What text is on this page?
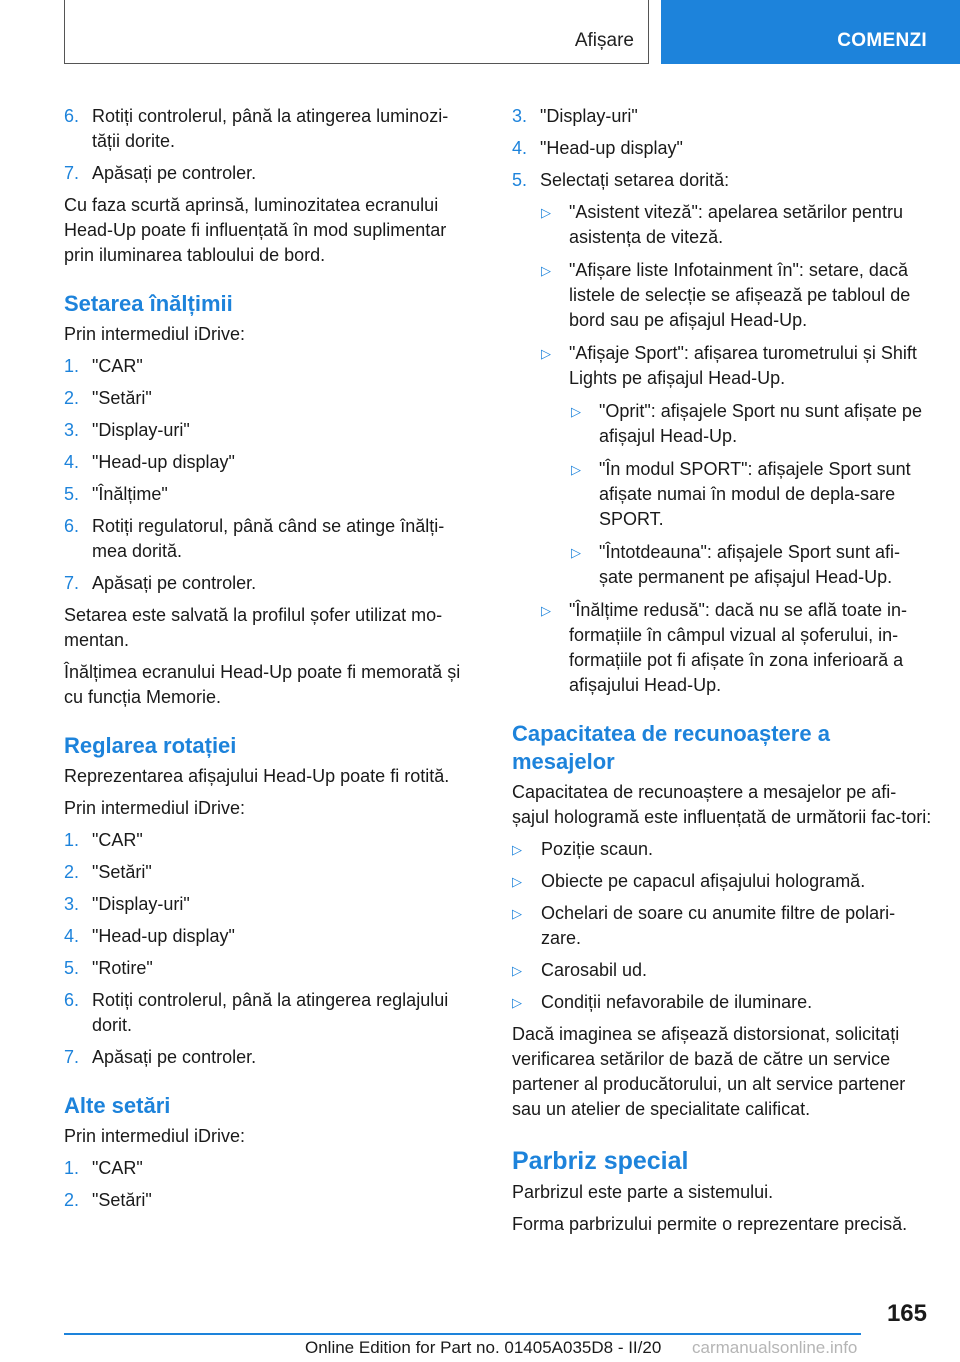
Afișare	COMENZI
6. Rotiți controlerul, până la atingerea luminozi-tății dorite.
7. Apăsați pe controler.

Cu faza scurtă aprinsă, luminozitatea ecranului Head-Up poate fi influențată în mod suplimentar prin iluminarea tabloului de bord.

Setarea înălțimii

Prin intermediul iDrive:

1. "CAR"
2. "Setări"
3. "Display-uri"
4. "Head-up display"
5. "Înălțime"
6. Rotiți regulatorul, până când se atinge înălți-mea dorită.
7. Apăsați pe controler.

Setarea este salvată la profilul șofer utilizat mo-mentan.

Înălțimea ecranului Head-Up poate fi memorată și cu funcția Memorie.

Reglarea rotației

Reprezentarea afișajului Head-Up poate fi rotită.

Prin intermediul iDrive:

1. "CAR"
2. "Setări"
3. "Display-uri"
4. "Head-up display"
5. "Rotire"
6. Rotiți controlerul, până la atingerea reglajului dorit.
7. Apăsați pe controler.
Alte setări

Prin intermediul iDrive:

1. "CAR"
2. "Setări"
3. "Display-uri"
4. "Head-up display"
5. Selectați setarea dorită:
▷ "Asistent viteză": apelarea setărilor pentru asistența de viteză.
▷ "Afișare liste Infotainment în": setare, dacă listele de selecție se afișează pe tabloul de bord sau pe afișajul Head-Up.
▷ "Afișaje Sport": afișarea turometrului și Shift Lights pe afișajul Head-Up.
▷ "Oprit": afișajele Sport nu sunt afișate pe afișajul Head-Up.
▷ "În modul SPORT": afișajele Sport sunt afișate numai în modul de depla-sare SPORT.
▷ "Întotdeauna": afișajele Sport sunt afi-șate permanent pe afișajul Head-Up.
▷ "Înălțime redusă": dacă nu se află toate in-formațiile în câmpul vizual al șoferului, in-formațiile pot fi afișate în zona inferioară a afișajului Head-Up.
Capacitatea de recunoaștere a mesajelor

Capacitatea de recunoaștere a mesajelor pe afi-șajul hologramă este influențată de următorii fac-tori:

▷ Poziție scaun.
▷ Obiecte pe capacul afișajului hologramă.
▷ Ochelari de soare cu anumite filtre de polari-zare.
▷ Carosabil ud.
▷ Condiții nefavorabile de iluminare.

Dacă imaginea se afișează distorsionat, solicitați verificarea setărilor de bază de către un service partener al producătorului, un alt service partener sau un atelier de specialitate calificat.

Parbriz special

Parbrizul este parte a sistemului.

Forma parbrizului permite o reprezentare precisă.

165
Online Edition for Part no. 01405A035D8 - II/20 carmanualsonline.info
